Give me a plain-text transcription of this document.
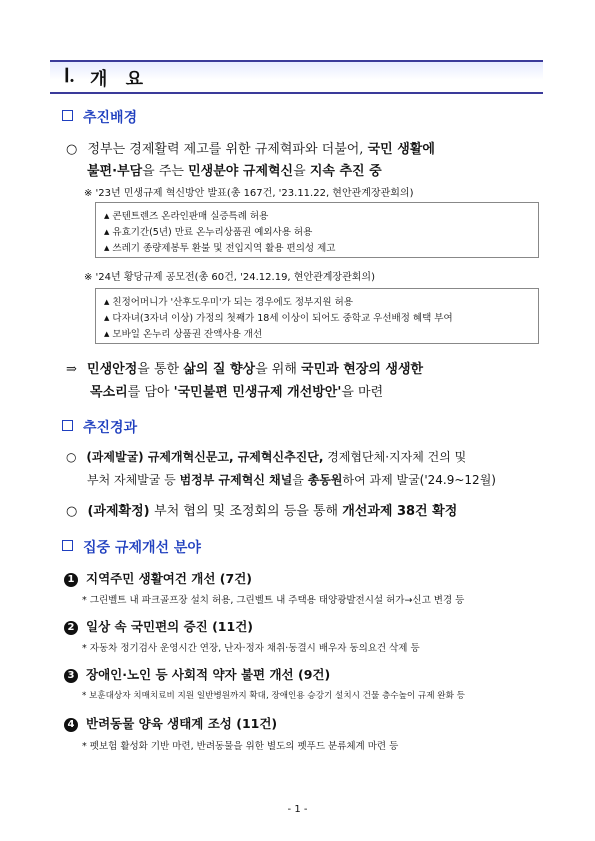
Ⅰ. 개 요
추진배경
○ 정부는 경제활력 제고를 위한 규제혁파와 더불어, 국민 생활에
불편·부담을 주는 민생분야 규제혁신을 지속 추진 중
※ '23년 민생규제 혁신방안 발표(총 167건, '23.11.22, 현안관계장관회의)
▲ 콘텐트렌즈 온라인판매 실증특례 허용
▲ 유효기간(5년) 만료 온누리상품권 예외사용 허용
▲ 쓰레기 종량제봉투 환불 및 전입지역 활용 편의성 제고
※ '24년 황당규제 공모전(총 60건, '24.12.19, 현안관계장관회의)
▲ 친정어머니가 '산후도우미'가 되는 경우에도 정부지원 허용
▲ 다자녀(3자녀 이상) 가정의 첫째가 18세 이상이 되어도 중학교 우선배정 혜택 부여
▲ 모바일 온누리 상품권 잔액사용 개선
⇒ 민생안정을 통한 삶의 질 향상을 위해 국민과 현장의 생생한
목소리를 담아 '국민불편 민생규제 개선방안'을 마련
추진경과
○ (과제발굴) 규제개혁신문고, 규제혁신추진단, 경제협단체·지자체 건의 및
부처 자체발굴 등 범정부 규제혁신 채널을 총동원하여 과제 발굴('24.9~12월)
○ (과제확정) 부처 협의 및 조정회의 등을 통해 개선과제 38건 확정
집중 규제개선 분야
1 지역주민 생활여건 개선 (7건)
* 그린벨트 내 파크골프장 설치 허용, 그린벨트 내 주택용 태양광발전시설 허가→신고 변경 등
2 일상 속 국민편의 증진 (11건)
* 자동차 정기검사 운영시간 연장, 난자·정자 채취·동결시 배우자 동의요건 삭제 등
3 장애인·노인 등 사회적 약자 불편 개선 (9건)
* 보훈대상자 치매치료비 지원 일반병원까지 확대, 장애인용 승강기 설치시 건물 층수높이 규제 완화 등
4 반려동물 양육 생태계 조성 (11건)
* 펫보험 활성화 기반 마련, 반려동물을 위한 별도의 펫푸드 분류체계 마련 등
- 1 -
